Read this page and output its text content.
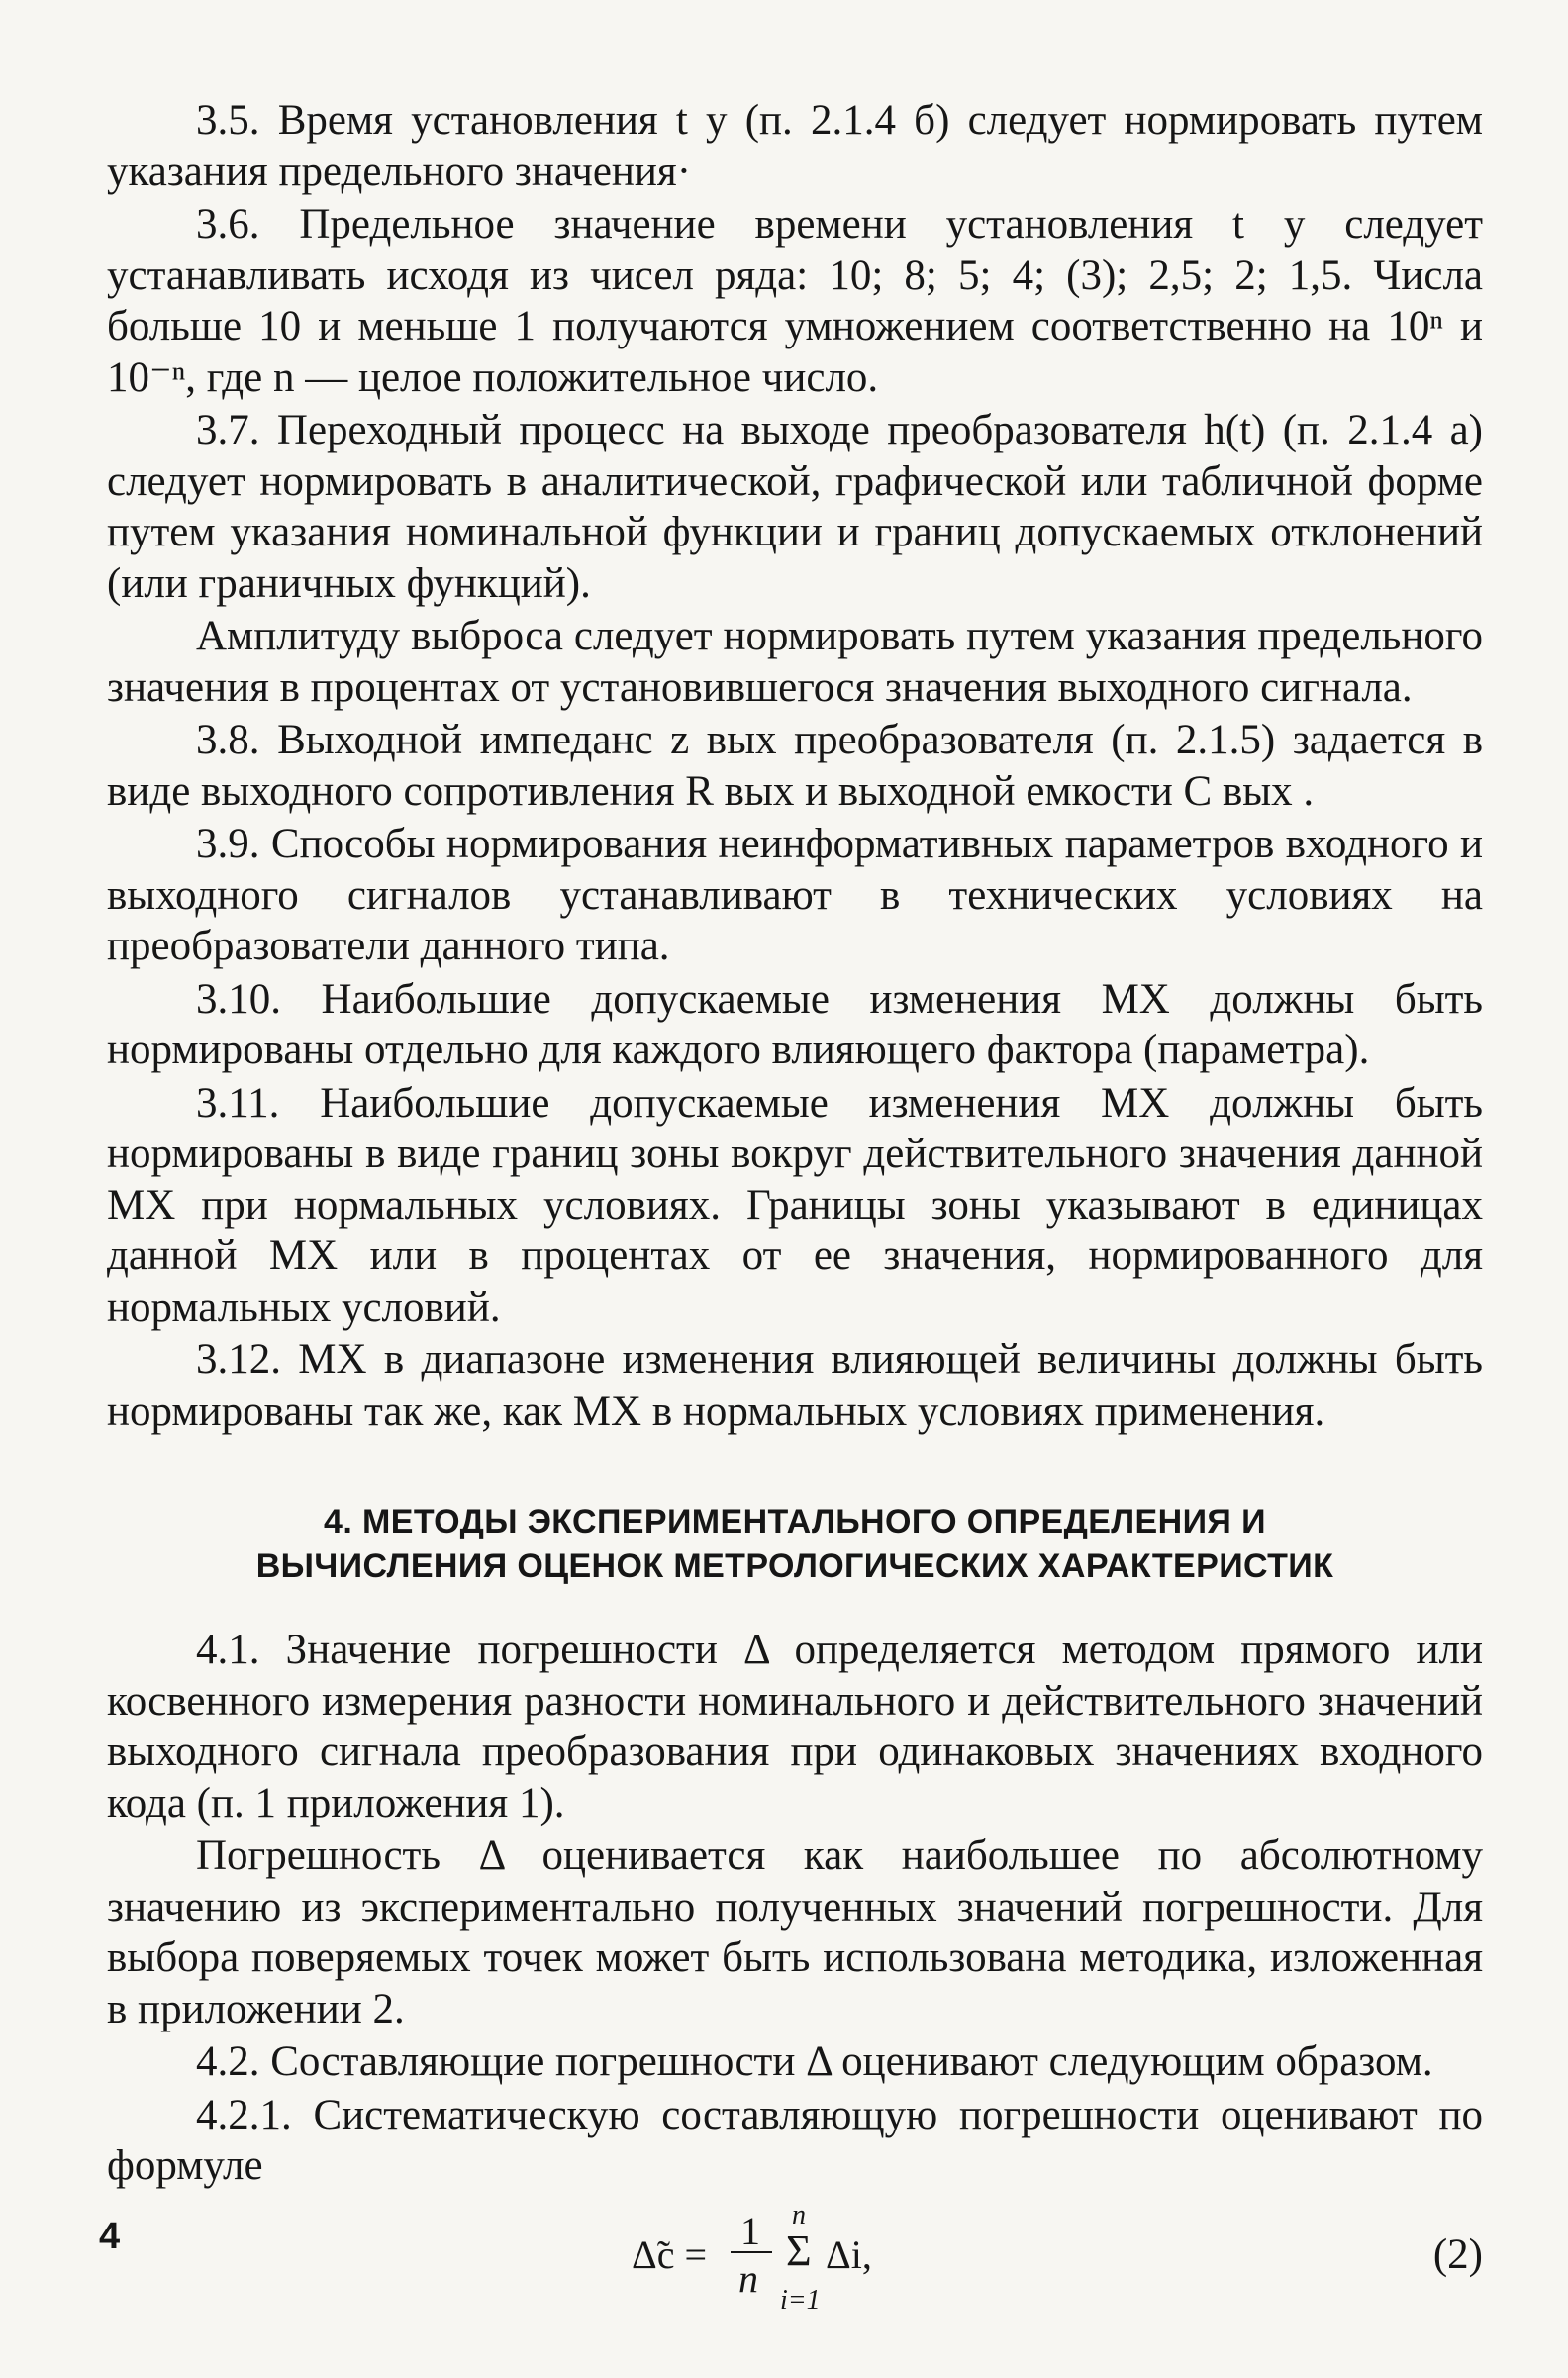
3.5. Время установления t у (п. 2.1.4 б) следует нормировать путем указания предельного значения·

3.6. Предельное значение времени установления t у следует устанавливать исходя из чисел ряда: 10; 8; 5; 4; (3); 2,5; 2; 1,5. Числа больше 10 и меньше 1 получаются умножением соответственно на 10ⁿ и 10⁻ⁿ, где n — целое положительное число.

3.7. Переходный процесс на выходе преобразователя h(t) (п. 2.1.4 а) следует нормировать в аналитической, графической или табличной форме путем указания номинальной функции и границ допускаемых отклонений (или граничных функций).

Амплитуду выброса следует нормировать путем указания предельного значения в процентах от установившегося значения выходного сигнала.

3.8. Выходной импеданс z вых преобразователя (п. 2.1.5) задается в виде выходного сопротивления R вых и выходной емкости C вых .

3.9. Способы нормирования неинформативных параметров входного и выходного сигналов устанавливают в технических условиях на преобразователи данного типа.

3.10. Наибольшие допускаемые изменения МХ должны быть нормированы отдельно для каждого влияющего фактора (параметра).

3.11. Наибольшие допускаемые изменения МХ должны быть нормированы в виде границ зоны вокруг действительного значения данной МХ при нормальных условиях. Границы зоны указывают в единицах данной МХ или в процентах от ее значения, нормированного для нормальных условий.

3.12. МХ в диапазоне изменения влияющей величины должны быть нормированы так же, как МХ в нормальных условиях применения.

4. МЕТОДЫ ЭКСПЕРИМЕНТАЛЬНОГО ОПРЕДЕЛЕНИЯ И
ВЫЧИСЛЕНИЯ ОЦЕНОК МЕТРОЛОГИЧЕСКИХ ХАРАКТЕРИСТИК

4.1. Значение погрешности Δ определяется методом прямого или косвенного измерения разности номинального и действительного значений выходного сигнала преобразования при одинаковых значениях входного кода (п. 1 приложения 1).

Погрешность Δ оценивается как наибольшее по абсолютному значению из экспериментально полученных значений погрешности. Для выбора поверяемых точек может быть использована методика, изложенная в приложении 2.

4.2. Составляющие погрешности Δ оценивают следующим образом.

4.2.1. Систематическую составляющую погрешности оценивают по формуле

Δ̃c =
1
n
n
Σ
i=1
Δi,	(2)
4
